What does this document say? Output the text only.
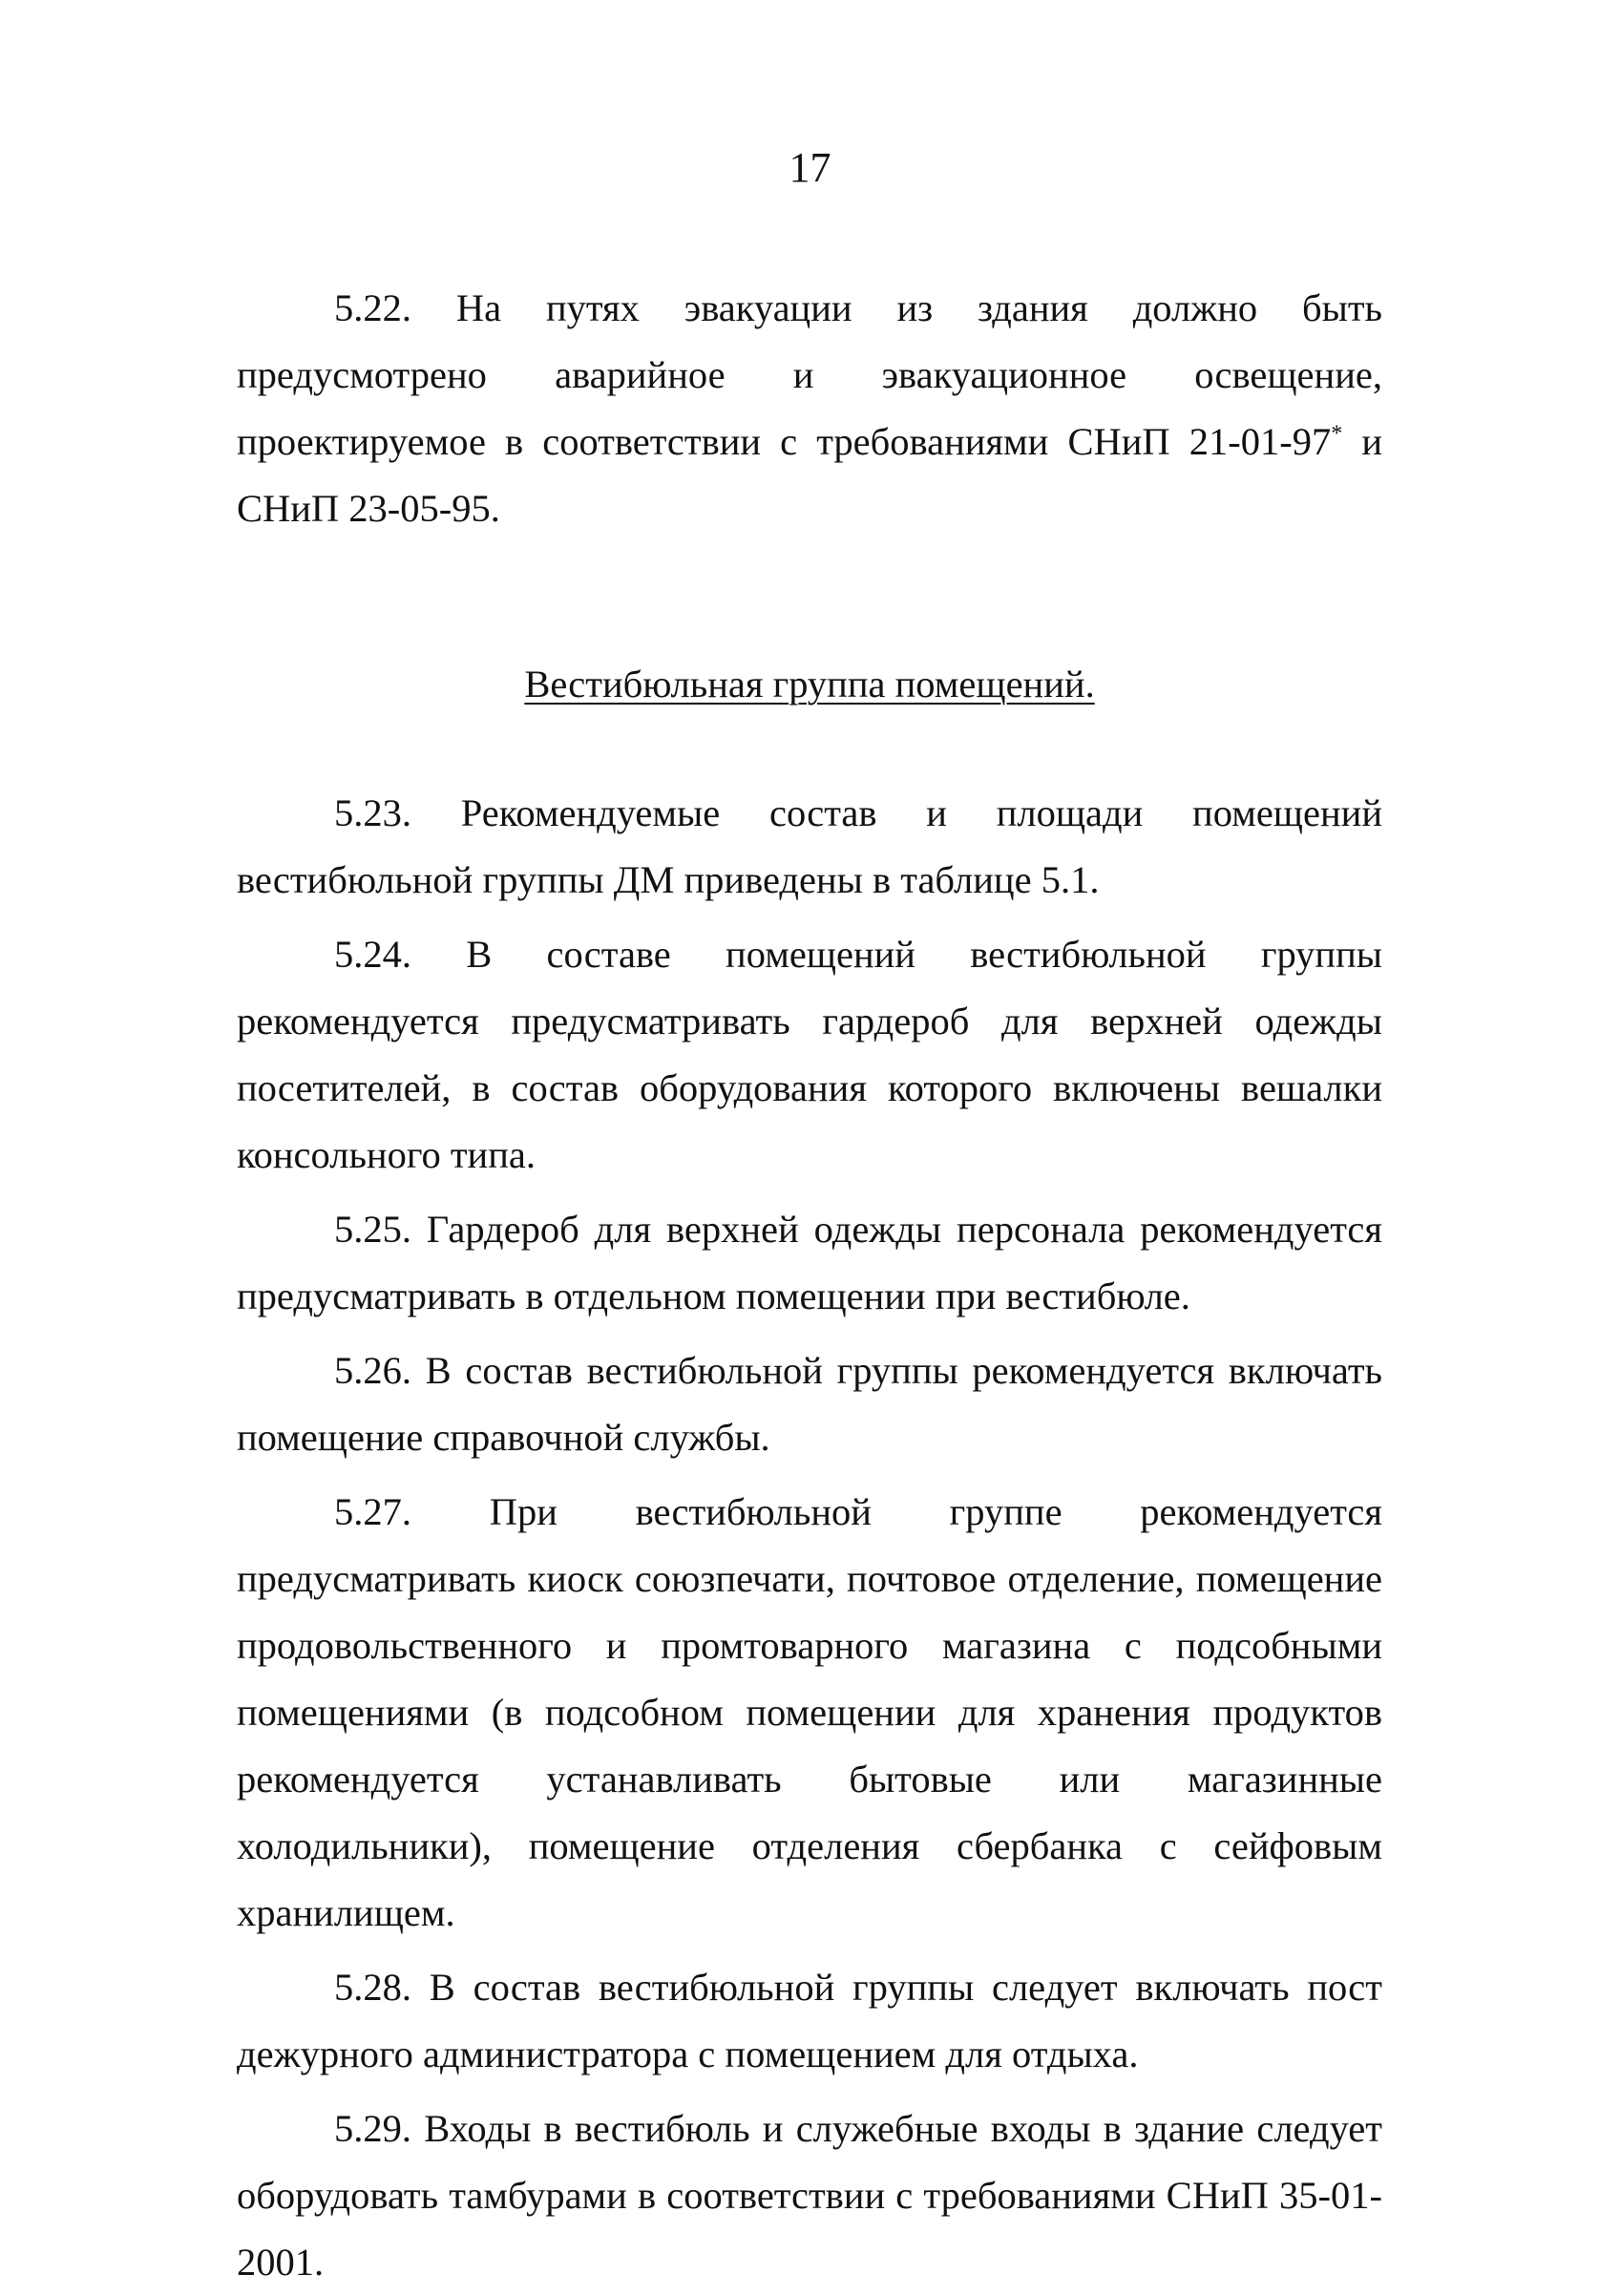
17

5.22. На путях эвакуации из здания должно быть предусмотрено аварийное и эвакуационное освещение, проектируемое в соответствии с требованиями СНиП 21-01-97* и СНиП 23-05-95.

Вестибюльная группа помещений.

5.23. Рекомендуемые состав и площади помещений вестибюльной группы ДМ приведены в таблице 5.1.

5.24. В составе помещений вестибюльной группы рекомендуется предусматривать гардероб для верхней одежды посетителей, в состав оборудования которого включены вешалки консольного типа.

5.25. Гардероб для верхней одежды персонала рекомендуется предусматривать в отдельном помещении при вестибюле.

5.26. В состав вестибюльной группы рекомендуется включать помещение справочной службы.

5.27. При вестибюльной группе рекомендуется предусматривать киоск союзпечати, почтовое отделение, помещение продовольственного и промтоварного магазина с подсобными помещениями (в подсобном помещении для хранения продуктов рекомендуется устанавливать бытовые или магазинные холодильники), помещение отделения сбербанка с сейфовым хранилищем.

5.28. В состав вестибюльной группы следует включать пост дежурного администратора с помещением для отдыха.

5.29. Входы в вестибюль и служебные входы в здание следует оборудовать тамбурами в соответствии с требованиями СНиП 35-01-2001.
